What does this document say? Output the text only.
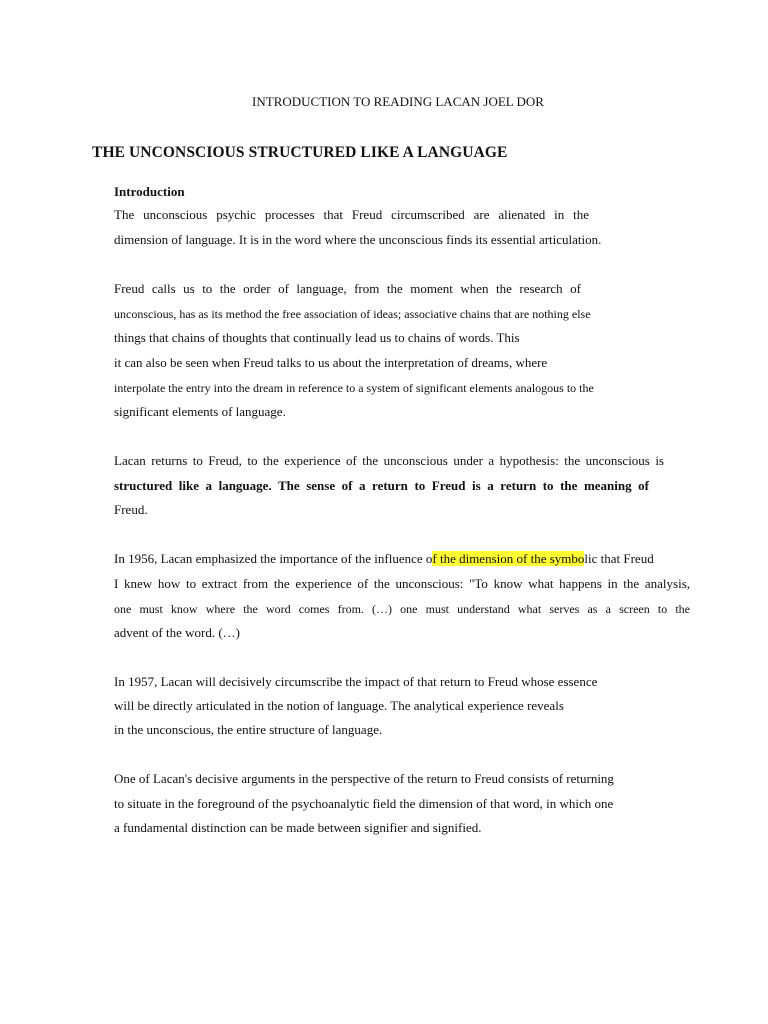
INTRODUCTION TO READING LACAN JOEL DOR
THE UNCONSCIOUS STRUCTURED LIKE A LANGUAGE
Introduction
The unconscious psychic processes that Freud circumscribed are alienated in the
dimension of language. It is in the word where the unconscious finds its essential articulation.
Freud calls us to the order of language, from the moment when the research of
unconscious, has as its method the free association of ideas; associative chains that are nothing else
things that chains of thoughts that continually lead us to chains of words. This
it can also be seen when Freud talks to us about the interpretation of dreams, where
interpolate the entry into the dream in reference to a system of significant elements analogous to the
significant elements of language.
Lacan returns to Freud, to the experience of the unconscious under a hypothesis: the unconscious is
structured like a language. The sense of a return to Freud is a return to the meaning of
Freud.
In 1956, Lacan emphasized the importance of the influence of the dimension of the symbolic that Freud
I knew how to extract from the experience of the unconscious: "To know what happens in the analysis,
one must know where the word comes from. (…) one must understand what serves as a screen to the
advent of the word. (…)
In 1957, Lacan will decisively circumscribe the impact of that return to Freud whose essence
will be directly articulated in the notion of language. The analytical experience reveals
in the unconscious, the entire structure of language.
One of Lacan's decisive arguments in the perspective of the return to Freud consists of returning
to situate in the foreground of the psychoanalytic field the dimension of that word, in which one
a fundamental distinction can be made between signifier and signified.
